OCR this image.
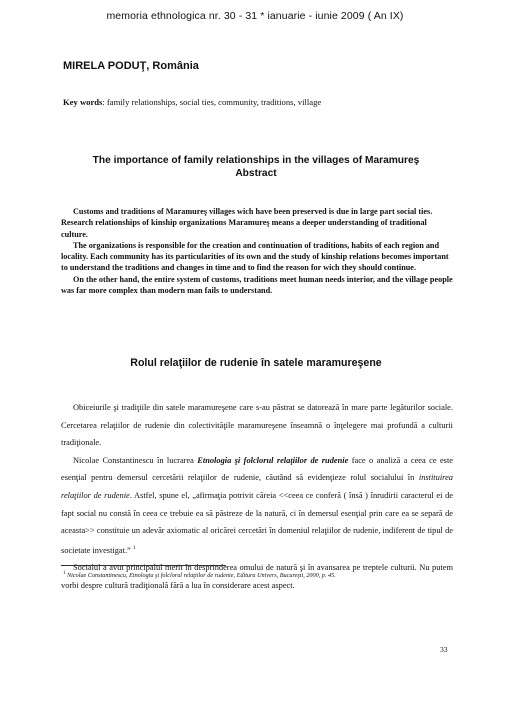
memoria ethnologica nr. 30 - 31 * ianuarie - iunie 2009 ( An IX)
MIRELA PODUŢ, România
Key words: family relationships, social ties, community, traditions, village
The importance of family relationships in the villages of Maramureş
Abstract

Customs and traditions of Maramureş villages wich have been preserved is due in large part social ties. Research relationships of kinship organizations Maramureş means a deeper understanding of traditional culture.

The organizations is responsible for the creation and continuation of traditions, habits of each region and locality. Each community has its particularities of its own and the study of kinship relations becomes important to understand the traditions and changes in time and to find the reason for wich they should continue.

On the other hand, the entire system of customs, traditions meet human needs interior, and the village people was far more complex than modern man fails to understand.

Rolul relaţiilor de rudenie în satele maramureşene

Obiceiurile şi tradiţiile din satele maramureşene care s-au păstrat se datorează în mare parte legăturilor sociale. Cercetarea relaţiilor de rudenie din colectivităţile maramureşene înseamnă o înţelegere mai profundă a culturii tradiţionale.

Nicolae Constantinescu în lucrarea Etnologia şi folclorul relaţiilor de rudenie face o analiză a ceea ce este esenţial pentru demersul cercetării relaţiilor de rudenie, căutând să evidenţieze rolul socialului în instituirea relaţiilor de rudenie. Astfel, spune el, „afirmaţia potrivit căreia <<ceea ce conferă ( însă ) înrudirii caracterul ei de fapt social nu constă în ceea ce trebuie ea să păstreze de la natură, ci în demersul esenţial prin care ea se separă de aceasta>> constituie un adevăr axiomatic al oricărei cercetări în domeniul relaţiilor de rudenie, indiferent de tipul de societate investigat.” $^1$

Socialul a avut principalul merit în desprinderea omului de natură şi în avansarea pe treptele culturii. Nu putem vorbi despre cultură tradiţională fără a lua în considerare acest aspect.

$^1$ Nicolae Constantinescu, Etnologia şi folclorul relaţiilor de rudenie, Editura Univers, Bucureşti, 2000, p. 45.
33
